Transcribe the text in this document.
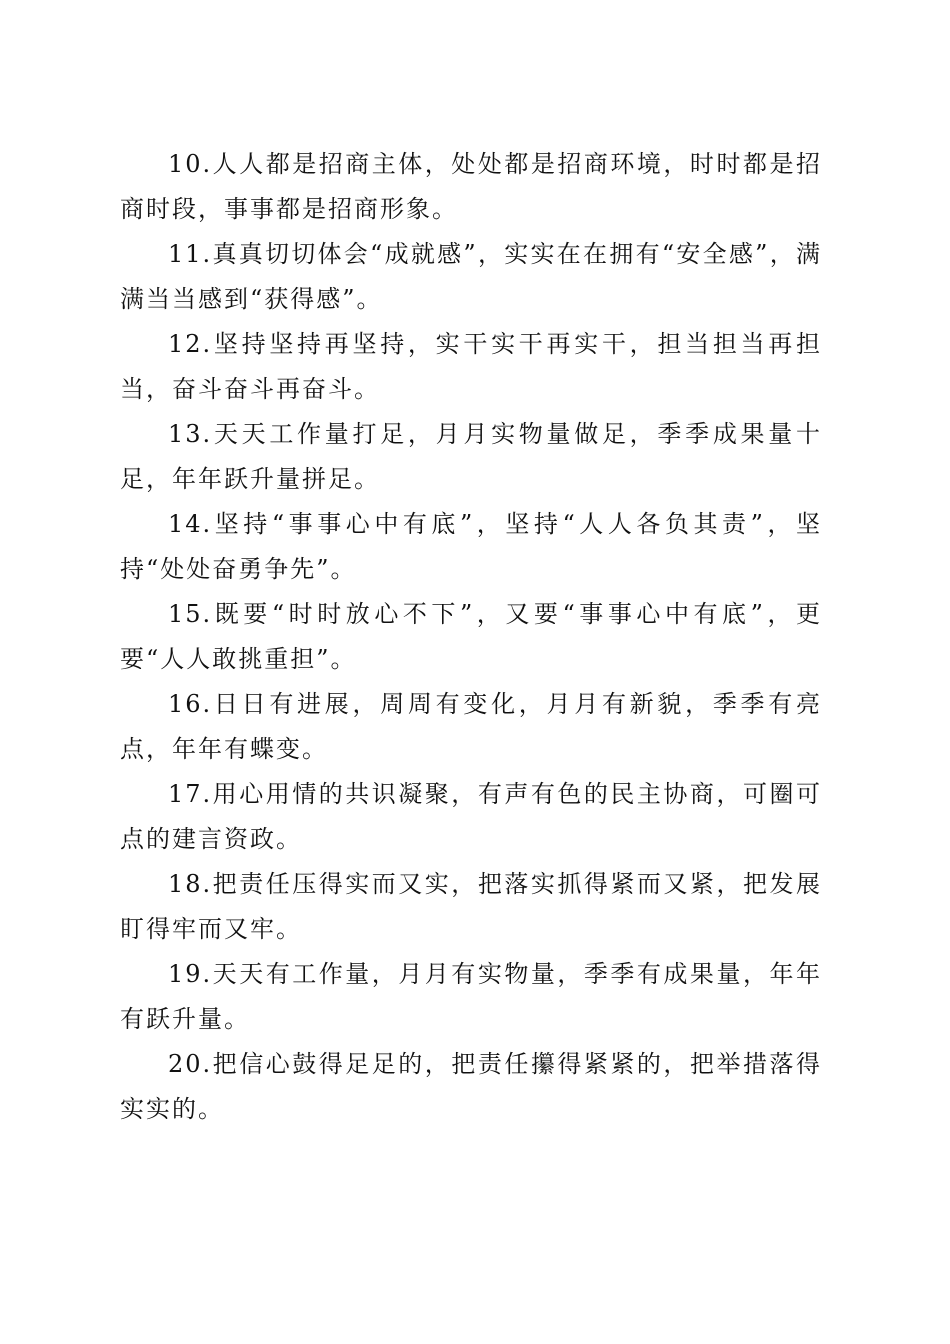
10.人人都是招商主体，处处都是招商环境，时时都是招商时段，事事都是招商形象。

11.真真切切体会“成就感”，实实在在拥有“安全感”，满满当当感到“获得感”。

12.坚持坚持再坚持，实干实干再实干，担当担当再担当，奋斗奋斗再奋斗。

13.天天工作量打足，月月实物量做足，季季成果量十足，年年跃升量拼足。

14.坚持“事事心中有底”，坚持“人人各负其责”，坚持“处处奋勇争先”。

15.既要“时时放心不下”，又要“事事心中有底”，更要“人人敢挑重担”。

16.日日有进展，周周有变化，月月有新貌，季季有亮点，年年有蝶变。

17.用心用情的共识凝聚，有声有色的民主协商，可圈可点的建言资政。

18.把责任压得实而又实，把落实抓得紧而又紧，把发展盯得牢而又牢。

19.天天有工作量，月月有实物量，季季有成果量，年年有跃升量。

20.把信心鼓得足足的，把责任攥得紧紧的，把举措落得实实的。
